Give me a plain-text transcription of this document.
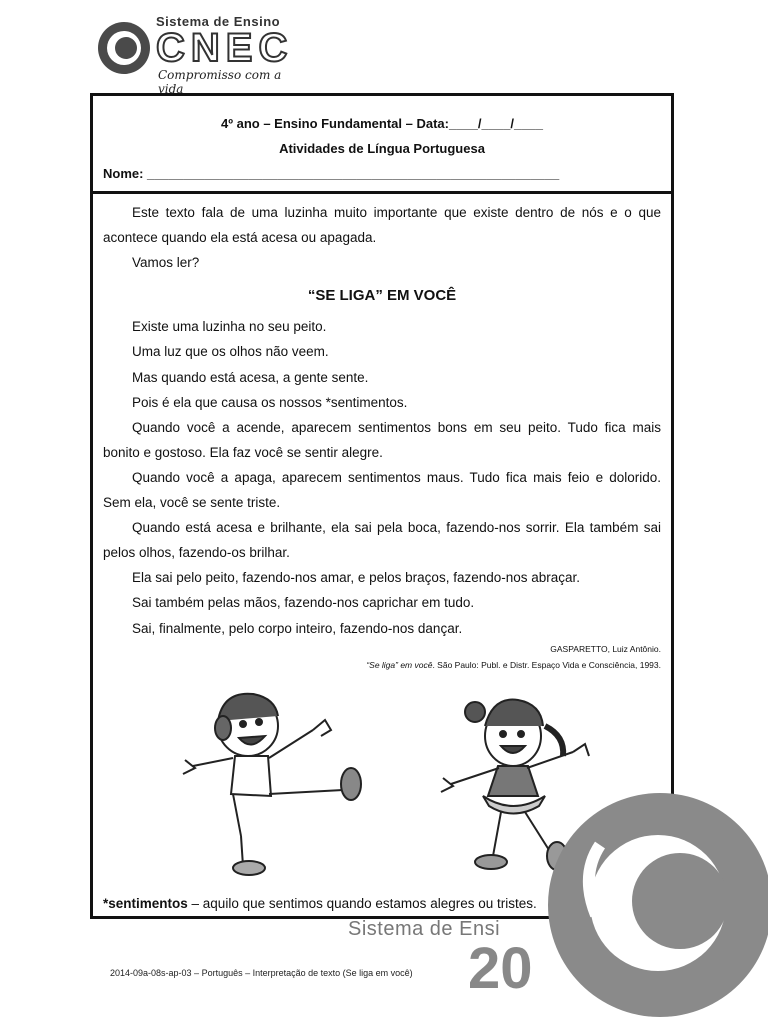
Sistema de Ensino
CNEC
Compromisso com a vida
4º ano – Ensino Fundamental – Data:____/____/____
Atividades de Língua Portuguesa
Nome: _________________________________________________________

Este texto fala de uma luzinha muito importante que existe dentro de nós e o que acontece quando ela está acesa ou apagada.

Vamos ler?

“SE LIGA” EM VOCÊ

Existe uma luzinha no seu peito.

Uma luz que os olhos não veem.

Mas quando está acesa, a gente sente.

Pois é ela que causa os nossos *sentimentos.

Quando você a acende, aparecem sentimentos bons em seu peito. Tudo fica mais bonito e gostoso. Ela faz você se sentir alegre.

Quando você a apaga, aparecem sentimentos maus. Tudo fica mais feio e dolorido. Sem ela, você se sente triste.

Quando está acesa e brilhante, ela sai pela boca, fazendo-nos sorrir. Ela também sai pelos olhos, fazendo-os brilhar.

Ela sai pelo peito, fazendo-nos amar, e pelos braços, fazendo-nos abraçar.

Sai também pelas mãos, fazendo-nos caprichar em tudo.

Sai, finalmente, pelo corpo inteiro, fazendo-nos dançar.

GASPARETTO, Luiz Antônio.

“Se liga” em você. São Paulo: Publ. e Distr. Espaço Vida e Consciência, 1993.

*sentimentos – aquilo que sentimos quando estamos alegres ou tristes.
Sistema de Ensi
20
2014-09a-08s-ap-03 – Português – Interpretação de texto (Se liga em você)
